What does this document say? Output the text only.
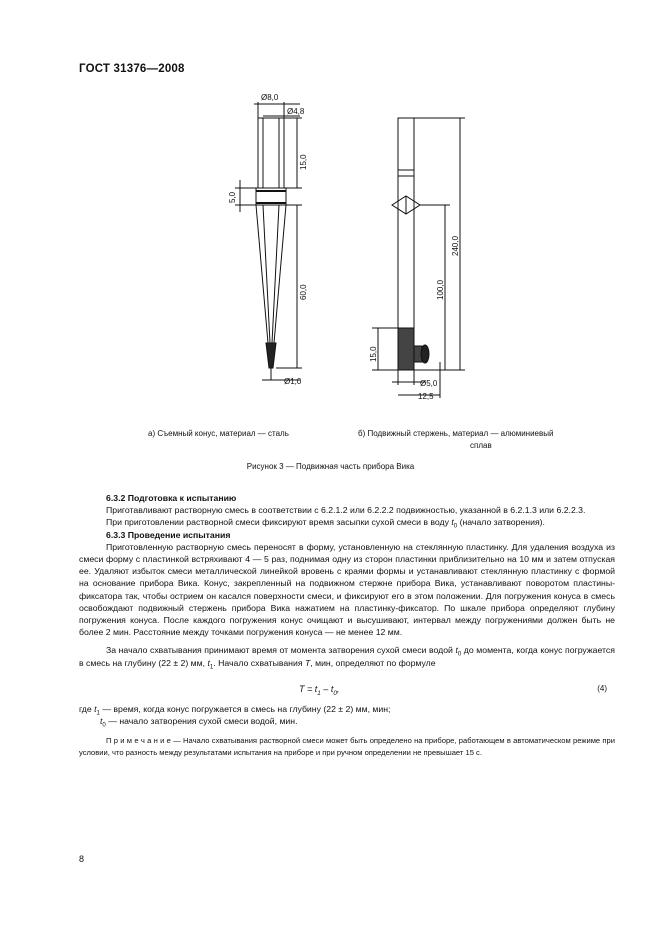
ГОСТ 31376—2008
Ø8,0
Ø4,8
15,0
5,0
60,0
Ø1,0
240,0
100,0
15,0
Ø5,0
12,5
а) Съемный конус, материал — сталь	б) Подвижный стержень, материал — алюминиевый
сплав
Рисунок 3 — Подвижная часть прибора Вика

6.3.2 Подготовка к испытанию

Приготавливают растворную смесь в соответствии с 6.2.1.2 или 6.2.2.2 подвижностью, указанной в 6.2.1.3 или 6.2.2.3.

При приготовлении растворной смеси фиксируют время засыпки сухой смеси в воду $t_0$ (начало затворения).

6.3.3 Проведение испытания

Приготовленную растворную смесь переносят в форму, установленную на стеклянную пластинку. Для удаления воздуха из смеси форму с пластинкой встряхивают 4 — 5 раз, поднимая одну из сторон пластинки приблизительно на 10 мм и затем отпуская ее. Удаляют избыток смеси металлической линейкой вровень с краями формы и устанавливают стеклянную пластинку с формой на основание прибора Вика. Конус, закрепленный на подвижном стержне прибора Вика, устанавливают поворотом пластины-фиксатора так, чтобы острием он касался поверхности смеси, и фиксируют его в этом положении. Для погружения конуса в смесь освобождают подвижный стержень прибора Вика нажатием на пластинку-фиксатор. По шкале прибора определяют глубину погружения конуса. После каждого погружения конус очищают и высушивают, интервал между погружениями должен быть не более 2 мин. Расстояние между точками погружения конуса — не менее 12 мм.

За начало схватывания принимают время от момента затворения сухой смеси водой $t_0$ до момента, когда конус погружается в смесь на глубину (22 ± 2) мм, $t_1$. Начало схватывания T, мин, определяют по формуле

$T = t_1 - t_0$,	(4)

где $t_1$ — время, когда конус погружается в смесь на глубину (22 ± 2) мм, мин;

$t_0$ — начало затворения сухой смеси водой, мин.

П р и м е ч а н и е — Начало схватывания растворной смеси может быть определено на приборе, работающем в автоматическом режиме при условии, что разность между результатами испытания на приборе и при ручном определении не превышает 15 с.

8
